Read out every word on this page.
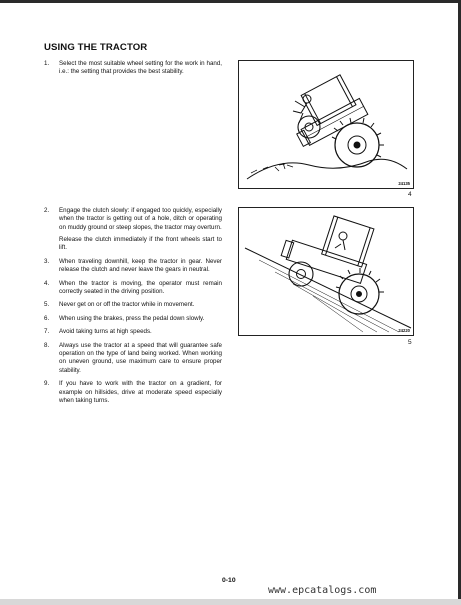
USING THE TRACTOR
1.	Select the most suitable wheel setting for the work in hand, i.e.: the setting that provides the best stability.
2.	Engage the clutch slowly: if engaged too quickly, especially when the tractor is getting out of a hole, ditch or operating on muddy ground or steep slopes, the tractor may overturn.
Release the clutch immediately if the front wheels start to lift.
3.	When traveling downhill, keep the tractor in gear. Never release the clutch and never leave the gears in neutral.
4.	When the tractor is moving, the operator must remain correctly seated in the driving position.
5.	Never get on or off the tractor while in movement.
6.	When using the brakes, press the pedal down slowly.
7.	Avoid taking turns at high speeds.
8.	Always use the tractor at a speed that will guarantee safe operation on the type of land being worked. When working on uneven ground, use maximum care to ensure proper stability.
9.	If you have to work with the tractor on a gradient, for example on hillsides, drive at moderate speed especially when taking turns.
24135
4
24220
5
0-10
www.epcatalogs.com
